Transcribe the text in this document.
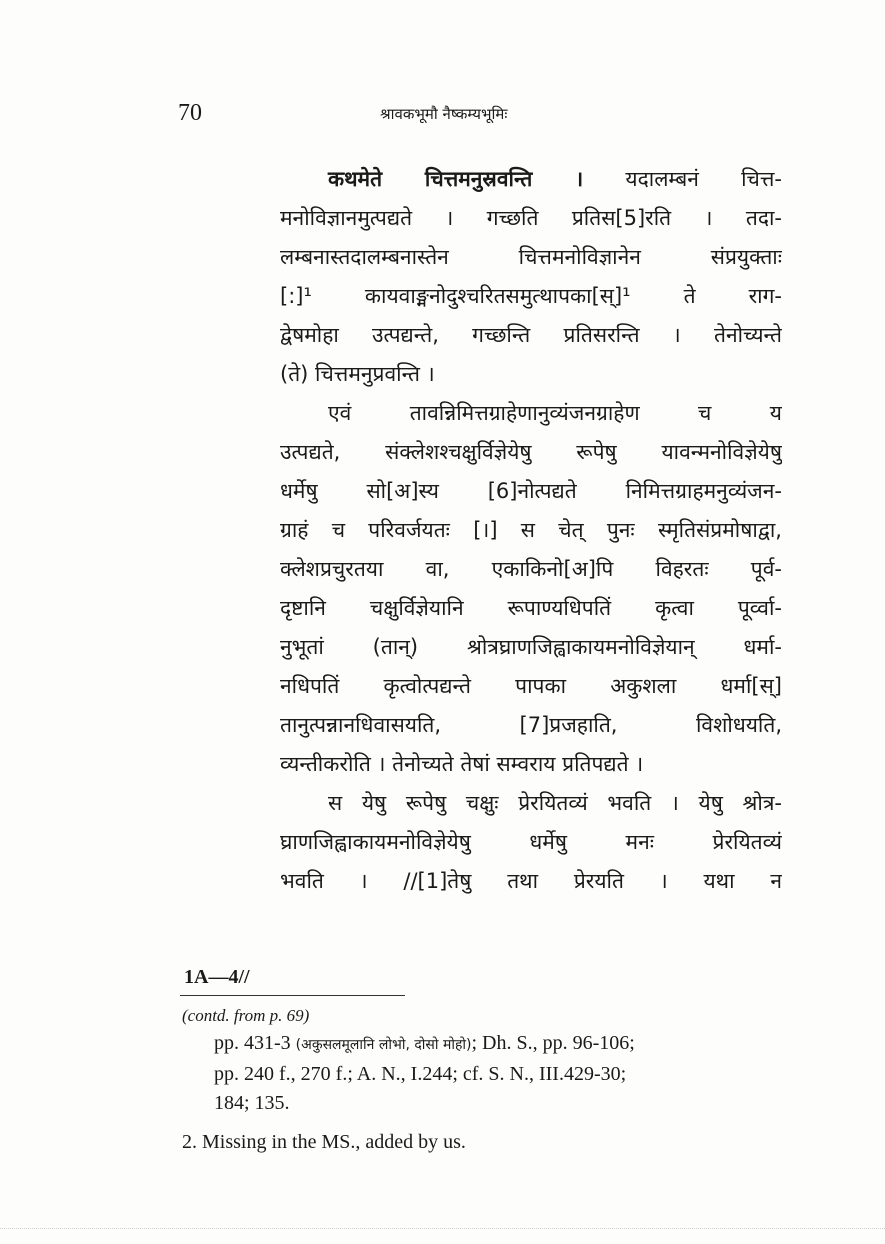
70	श्रावकभूमौ नैष्कम्यभूमिः
कथमेते चित्तमनुस्रवन्ति । यदालम्बनं चित्त-
मनोविज्ञानमुत्पद्यते । गच्छति प्रतिस[5]रति । तदा-
लम्बनास्तदालम्बनास्तेन चित्तमनोविज्ञानेन संप्रयुक्ताः
[:]¹ कायवाङ्मनोदुश्चरितसमुत्थापका[स्]¹ ते राग-
द्वेषमोहा उत्पद्यन्ते, गच्छन्ति प्रतिसरन्ति । तेनोच्यन्ते
(ते) चित्तमनुप्रवन्ति ।
एवं तावन्निमित्तग्राहेणानुव्यंजनग्राहेण च य
उत्पद्यते, संक्लेशश्चक्षुर्विज्ञेयेषु रूपेषु यावन्मनोविज्ञेयेषु
धर्मेषु सो[अ]स्य [6]नोत्पद्यते निमित्तग्राहमनुव्यंजन-
ग्राहं च परिवर्जयतः [।] स चेत् पुनः स्मृतिसंप्रमोषाद्वा,
क्लेशप्रचुरतया वा, एकाकिनो[अ]पि विहरतः पूर्व-
दृष्टानि चक्षुर्विज्ञेयानि रूपाण्यधिपतिं कृत्वा पूर्व्वा-
नुभूतां (तान्) श्रोत्रघ्राणजिह्वाकायमनोविज्ञेयान् धर्मा-
नधिपतिं कृत्वोत्पद्यन्ते पापका अकुशला धर्मा[स्]
तानुत्पन्नानधिवासयति, [7]प्रजहाति, विशोधयति,
व्यन्तीकरोति । तेनोच्यते तेषां सम्वराय प्रतिपद्यते ।
स येषु रूपेषु चक्षुः प्रेरयितव्यं भवति । येषु श्रोत्र-
घ्राणजिह्वाकायमनोविज्ञेयेषु धर्मेषु मनः प्रेरयितव्यं
भवति । //[1]तेषु तथा प्रेरयति । यथा न
1A—4//
(contd. from p. 69)
pp. 431-3 (अकुसलमूलानि लोभो, दोसो मोहो); Dh. S., pp. 96-106;
pp. 240 f., 270 f.; A. N., I.244; cf. S. N., III.429-30;
184; 135.
2. Missing in the MS., added by us.
